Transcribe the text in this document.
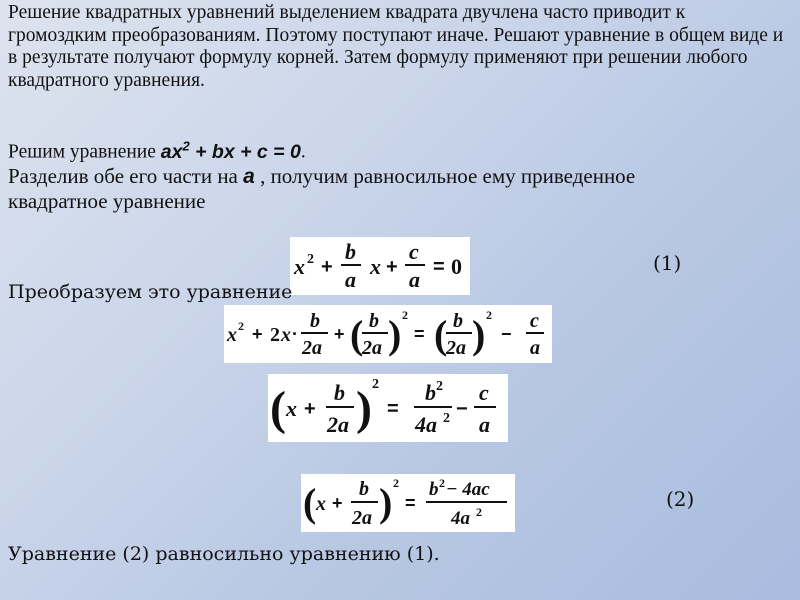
Решение квадратных уравнений выделением квадрата двучлена часто приводит к громоздким преобразованиям. Поэтому поступают иначе. Решают уравнение в общем виде и в результате получают формулу корней. Затем формулу применяют при решении любого квадратного уравнения.
Решим уравнение $ax^2$ + bx + c = 0.
Разделив обе его части на a , получим равносильное ему приведенное квадратное уравнение
x 2 +
b
a
x +
c
a = 0	(1)
Преобразуем это уравнение
x 2 + 2 x ·
b
2a
+ ( b
2a ) 2
= ( b
2a ) 2
−
c
a
( x +
b
2a ) 2
=
b 2
4a 2 −
c
a
( x +
b
2a ) 2
=
b 2 − 4ac
4a 2
(2)
Уравнение (2) равносильно уравнению (1).
